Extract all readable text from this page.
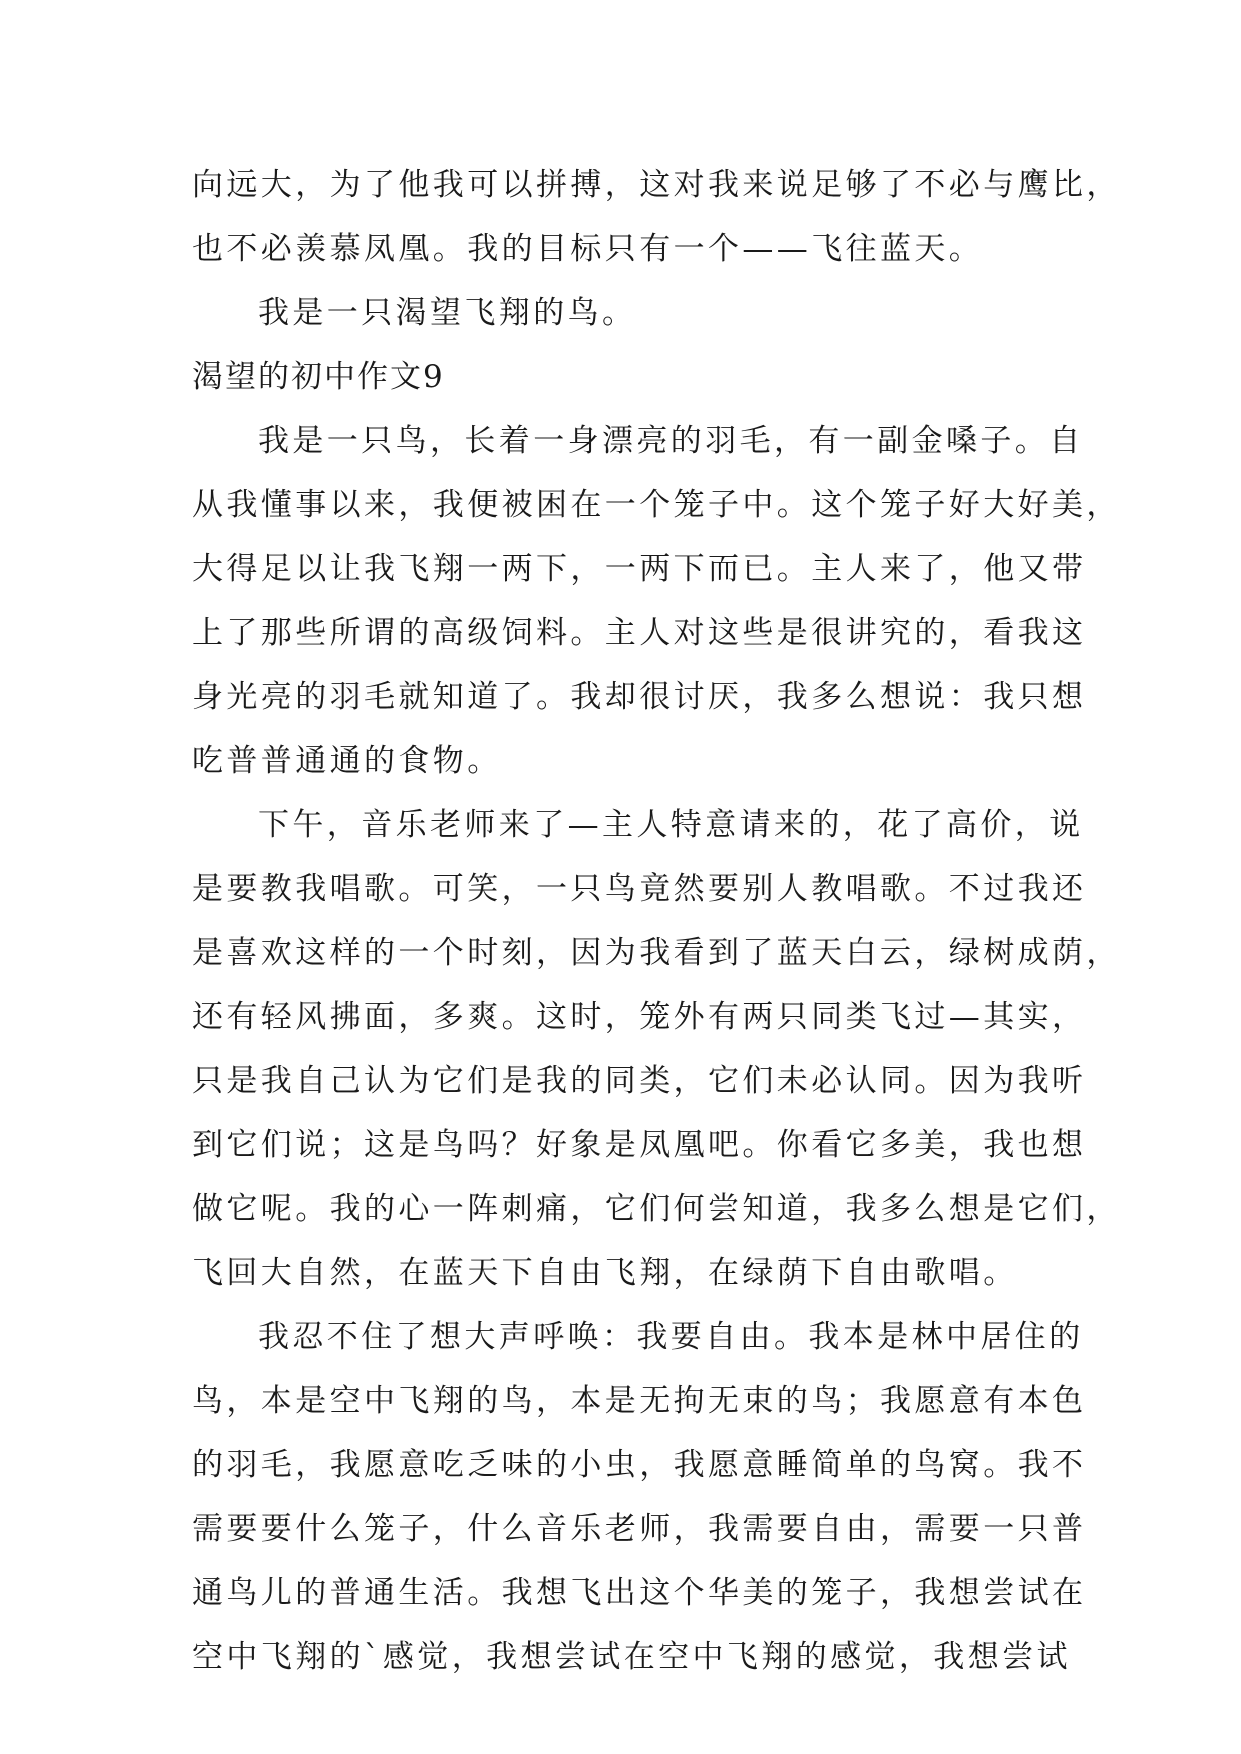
向远大，为了他我可以拼搏，这对我来说足够了不必与鹰比，
也不必羡慕凤凰。我的目标只有一个——飞往蓝天。
我是一只渴望飞翔的鸟。
渴望的初中作文9
我是一只鸟，长着一身漂亮的羽毛，有一副金嗓子。自
从我懂事以来，我便被困在一个笼子中。这个笼子好大好美，
大得足以让我飞翔一两下，一两下而已。主人来了，他又带
上了那些所谓的高级饲料。主人对这些是很讲究的，看我这
身光亮的羽毛就知道了。我却很讨厌，我多么想说：我只想
吃普普通通的食物。
下午，音乐老师来了—主人特意请来的，花了高价，说
是要教我唱歌。可笑，一只鸟竟然要别人教唱歌。不过我还
是喜欢这样的一个时刻，因为我看到了蓝天白云，绿树成荫，
还有轻风拂面，多爽。这时，笼外有两只同类飞过—其实，
只是我自己认为它们是我的同类，它们未必认同。因为我听
到它们说；这是鸟吗？好象是凤凰吧。你看它多美，我也想
做它呢。我的心一阵刺痛，它们何尝知道，我多么想是它们，
飞回大自然，在蓝天下自由飞翔，在绿荫下自由歌唱。
我忍不住了想大声呼唤：我要自由。我本是林中居住的
鸟，本是空中飞翔的鸟，本是无拘无束的鸟；我愿意有本色
的羽毛，我愿意吃乏味的小虫，我愿意睡简单的鸟窝。我不
需要要什么笼子，什么音乐老师，我需要自由，需要一只普
通鸟儿的普通生活。我想飞出这个华美的笼子，我想尝试在
空中飞翔的`感觉，我想尝试在空中飞翔的感觉，我想尝试
